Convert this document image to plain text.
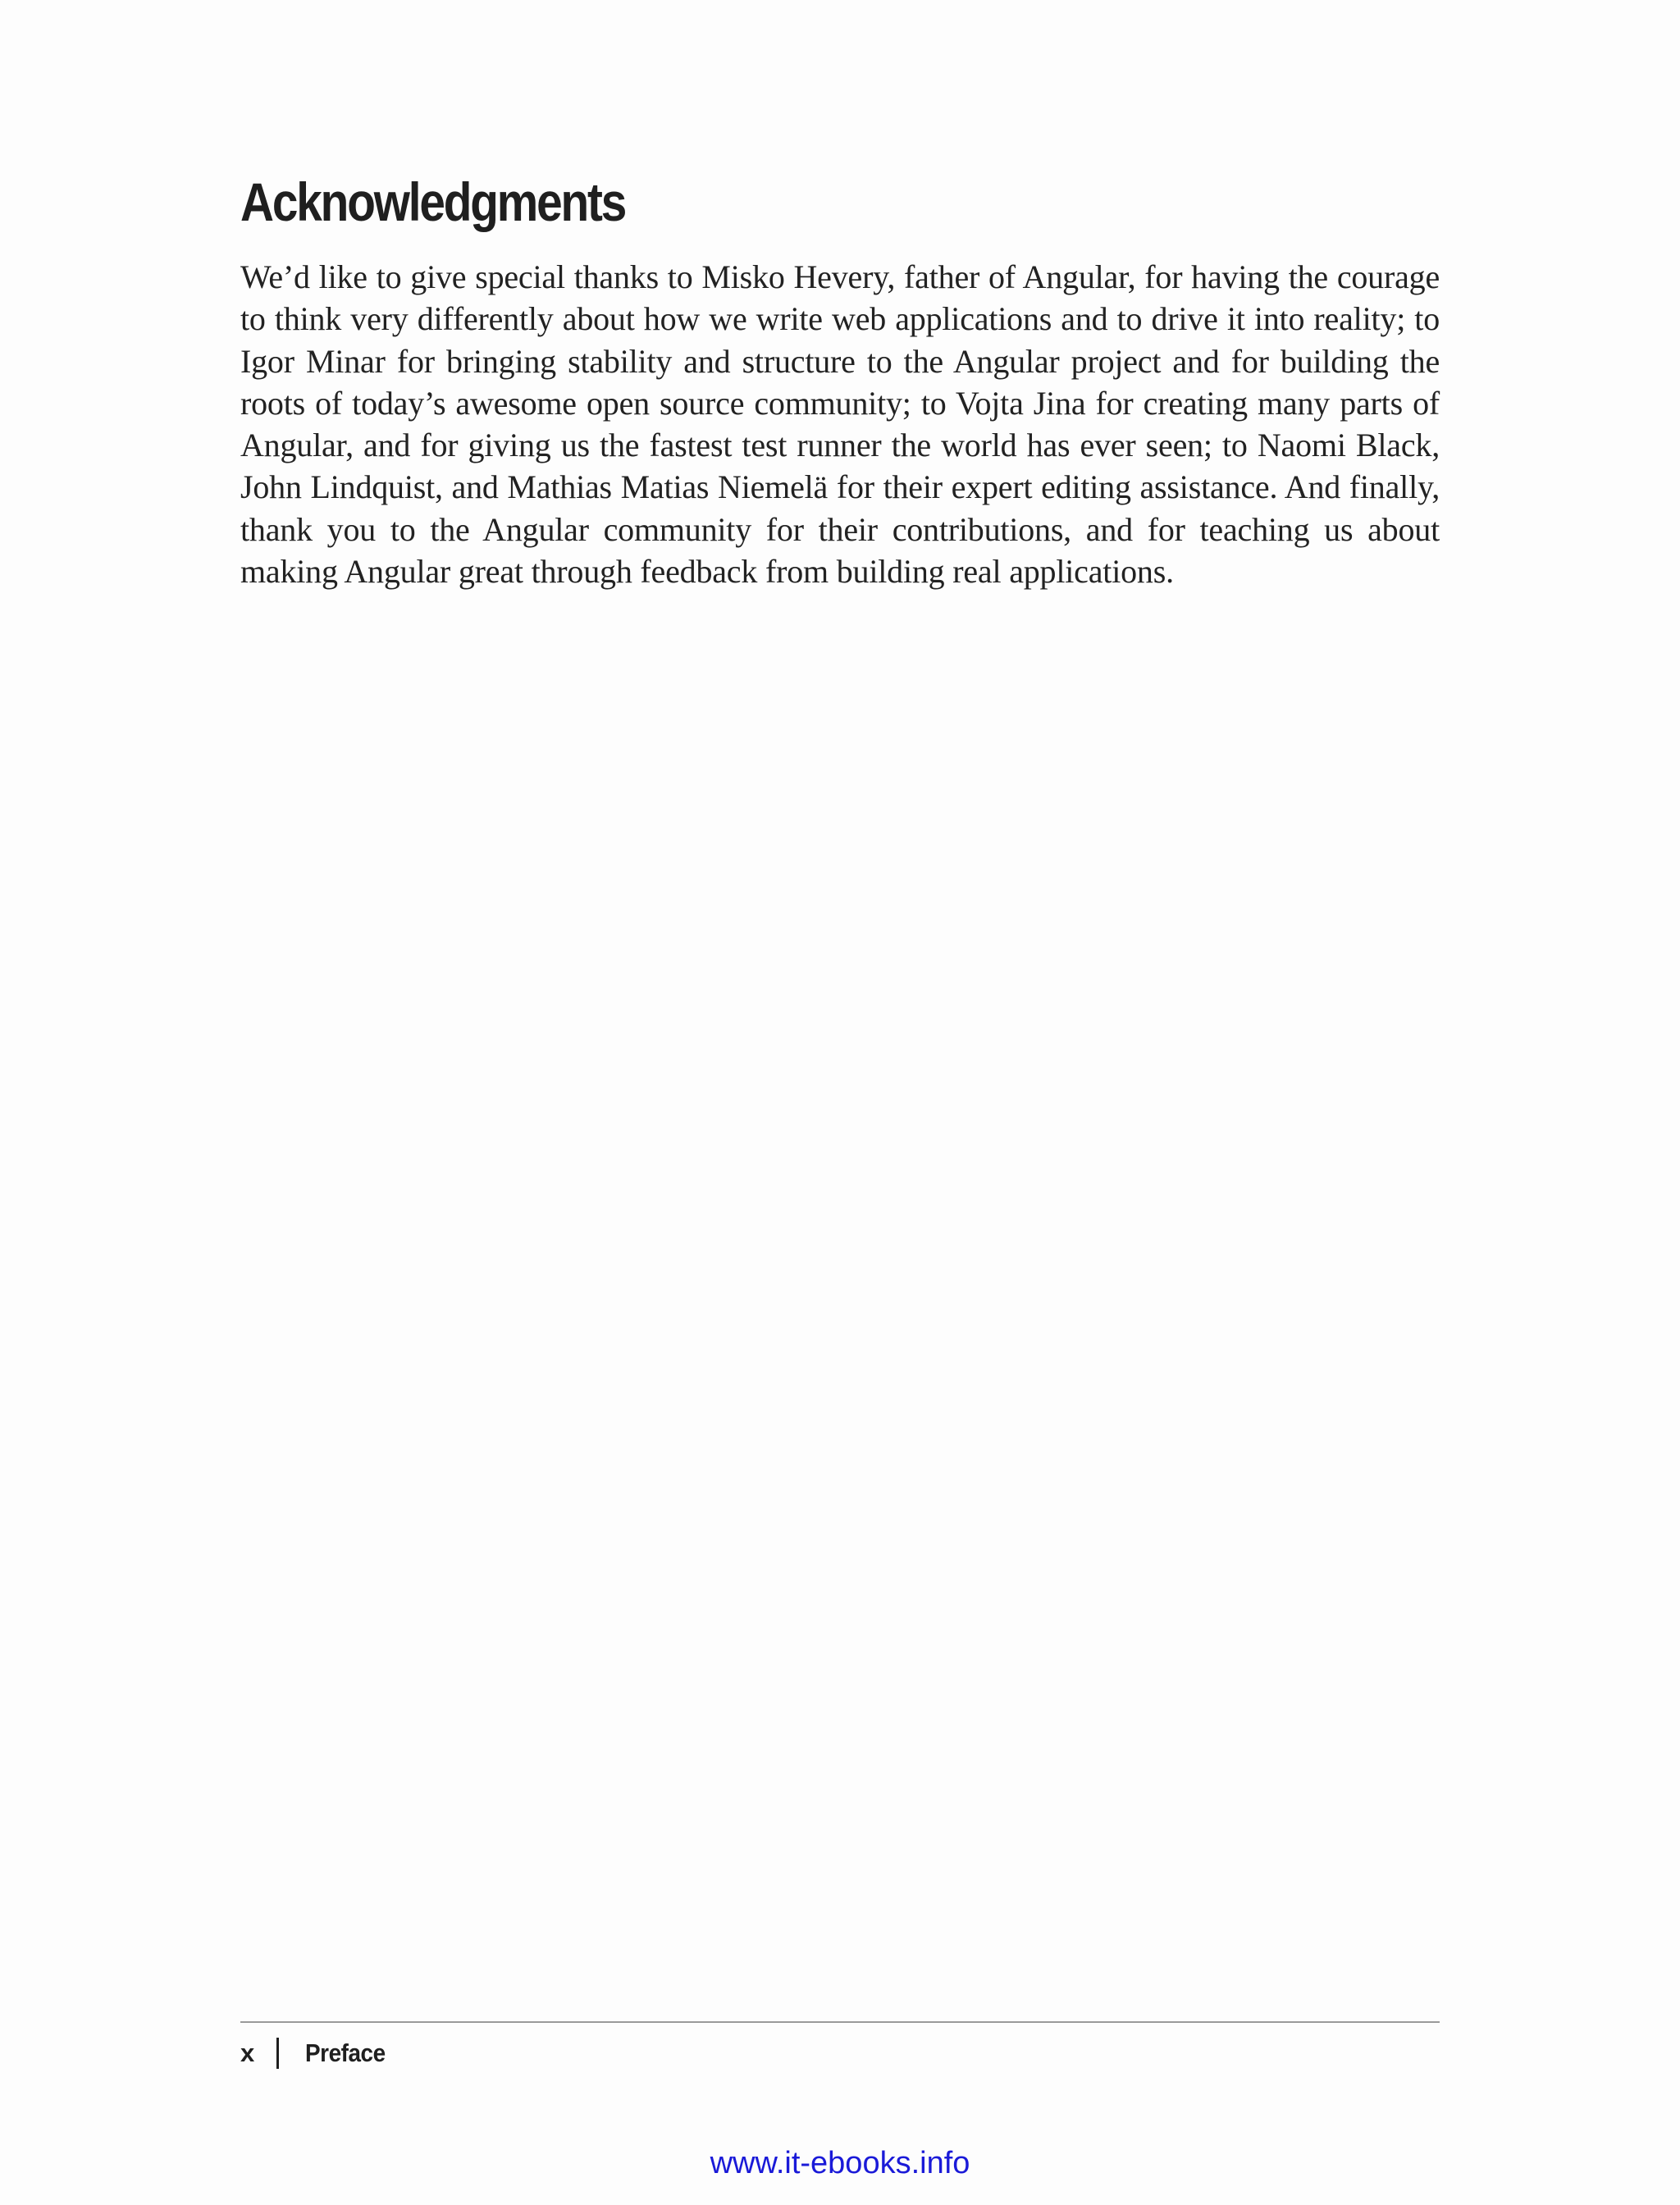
Acknowledgments

We’d like to give special thanks to Misko Hevery, father of Angular, for having the courage to think very differently about how we write web applications and to drive it into reality; to Igor Minar for bringing stability and structure to the Angular project and for building the roots of today’s awesome open source community; to Vojta Jina for creating many parts of Angular, and for giving us the fastest test runner the world has ever seen; to Naomi Black, John Lindquist, and Mathias Matias Niemelä for their expert editing assistance. And finally, thank you to the Angular community for their contributions, and for teaching us about making Angular great through feedback from building real applications.

x	Preface
www.it-ebooks.info
